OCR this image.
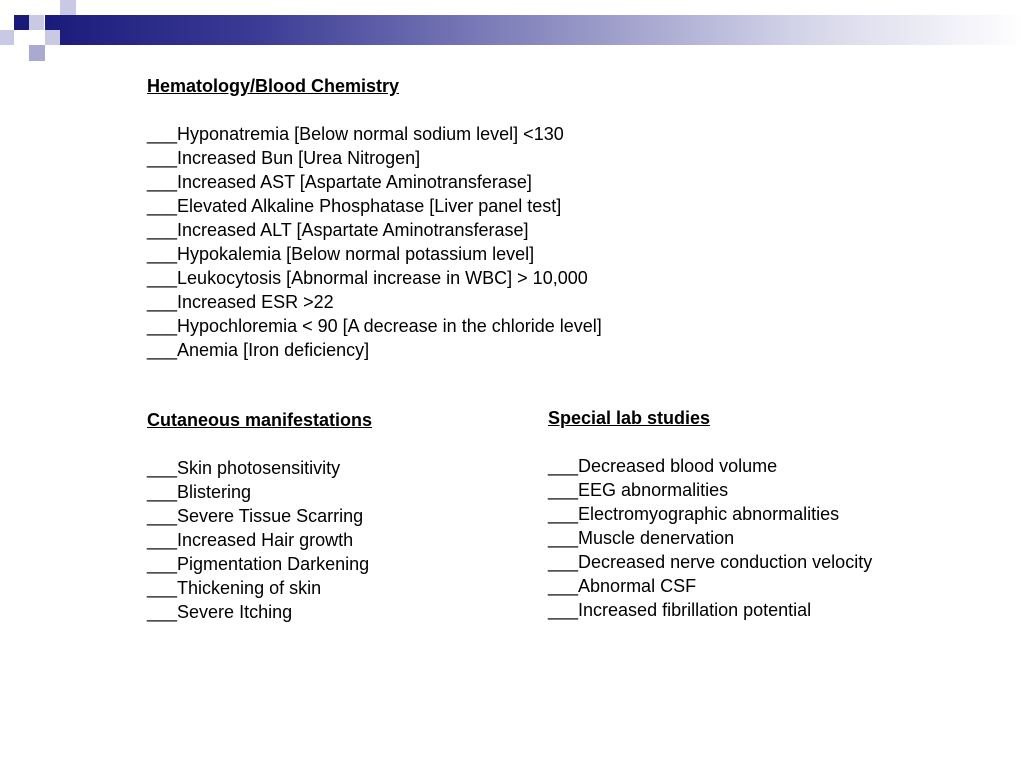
Hematology/Blood Chemistry
___Hyponatremia [Below normal sodium level] <130
___Increased Bun [Urea Nitrogen]
___Increased AST [Aspartate Aminotransferase]
___Elevated Alkaline Phosphatase [Liver panel test]
___Increased ALT [Aspartate Aminotransferase]
___Hypokalemia [Below normal potassium level]
___Leukocytosis [Abnormal increase in WBC] > 10,000
___Increased ESR >22
___Hypochloremia < 90 [A decrease in the chloride level]
___Anemia [Iron deficiency]
Cutaneous manifestations
___Skin photosensitivity
___Blistering
___Severe Tissue Scarring
___Increased Hair growth
___Pigmentation Darkening
___Thickening of skin
___Severe Itching
Special lab studies
___Decreased blood volume
___EEG abnormalities
___Electromyographic abnormalities
___Muscle denervation
___Decreased nerve conduction velocity
___Abnormal CSF
___Increased fibrillation potential
